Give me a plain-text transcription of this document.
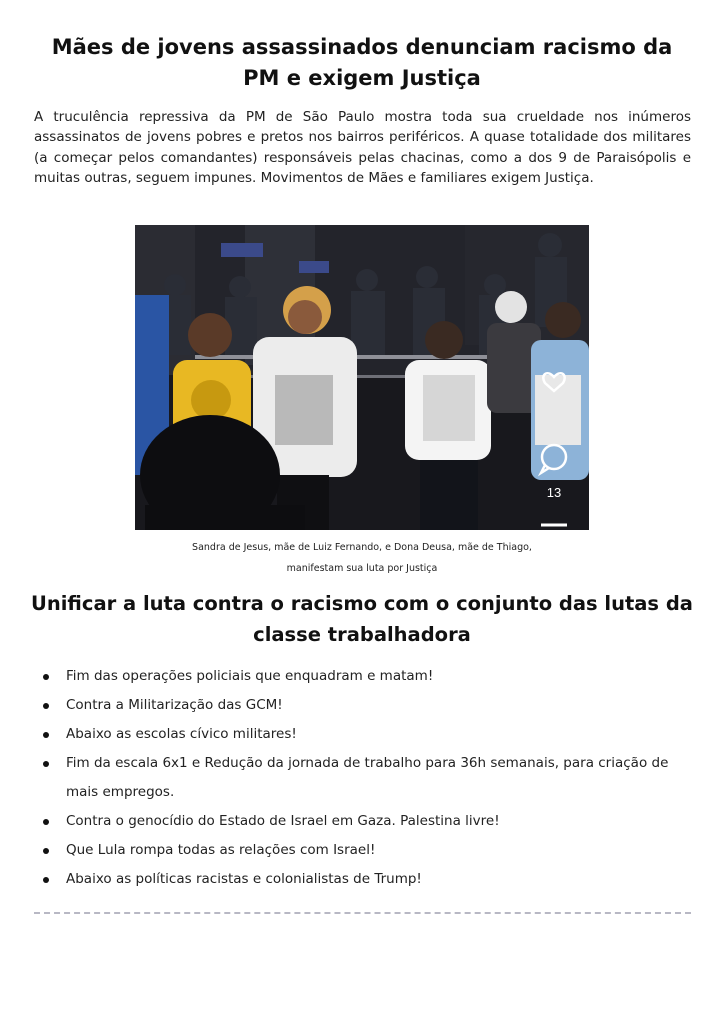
Mães de jovens assassinados denunciam racismo da PM e exigem Justiça
A truculência repressiva da PM de São Paulo mostra toda sua crueldade nos inúmeros assassinatos de jovens pobres e pretos nos bairros periféricos. A quase totalidade dos militares (a começar pelos comandantes) responsáveis pelas chacinas, como a dos 9 de Paraisópolis e muitas outras, seguem impunes. Movimentos de Mães e familiares exigem Justiça.
13
Sandra de Jesus, mãe de Luiz Fernando, e Dona Deusa, mãe de Thiago,
manifestam sua luta por Justiça
Unificar a luta contra o racismo com o conjunto das lutas da classe trabalhadora
Fim das operações policiais que enquadram e matam!
Contra a Militarização das GCM!
Abaixo as escolas cívico militares!
Fim da escala 6x1 e Redução da jornada de trabalho para 36h semanais, para criação de mais empregos.
Contra o genocídio do Estado de Israel em Gaza. Palestina livre!
Que Lula rompa todas as relações com Israel!
Abaixo as políticas racistas e colonialistas de Trump!
